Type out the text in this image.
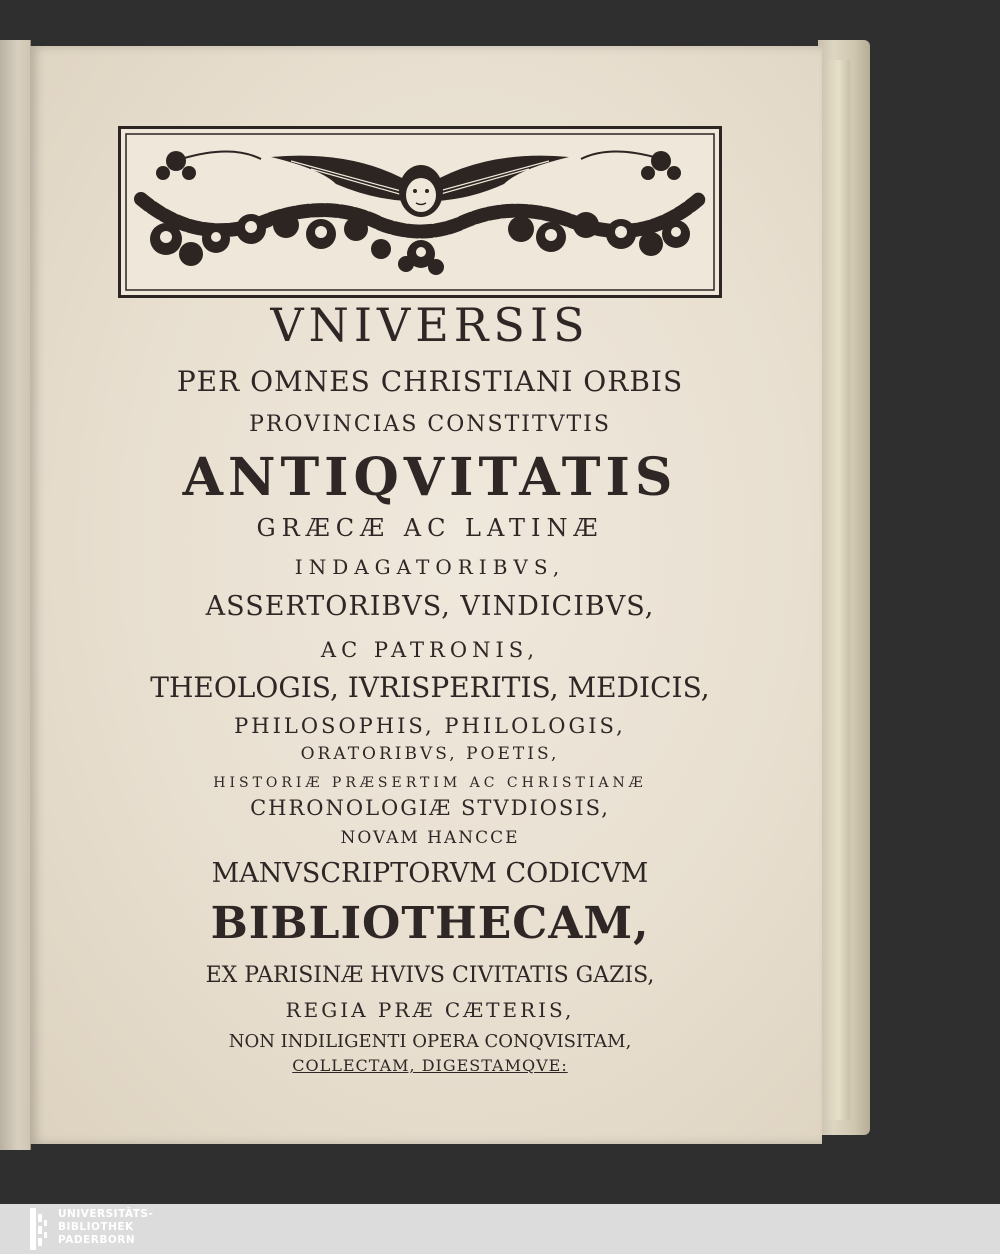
VNIVERSIS
PER OMNES CHRISTIANI ORBIS
PROVINCIAS CONSTITVTIS
ANTIQVITATIS
GRÆCÆ AC LATINÆ
INDAGATORIBVS,
ASSERTORIBVS, VINDICIBVS,
AC PATRONIS,
THEOLOGIS, IVRISPERITIS, MEDICIS,
PHILOSOPHIS, PHILOLOGIS,
ORATORIBVS, POETIS,
HISTORIÆ PRÆSERTIM AC CHRISTIANÆ
CHRONOLOGIÆ STVDIOSIS,
NOVAM HANCCE
MANVSCRIPTORVM CODICVM
BIBLIOTHECAM,
EX PARISINÆ HVIVS CIVITATIS GAZIS,
REGIA PRÆ CÆTERIS,
NON INDILIGENTI OPERA CONQVISITAM,
COLLECTAM, DIGESTAMQVE:
UNIVERSITÄTS-
BIBLIOTHEK
PADERBORN
